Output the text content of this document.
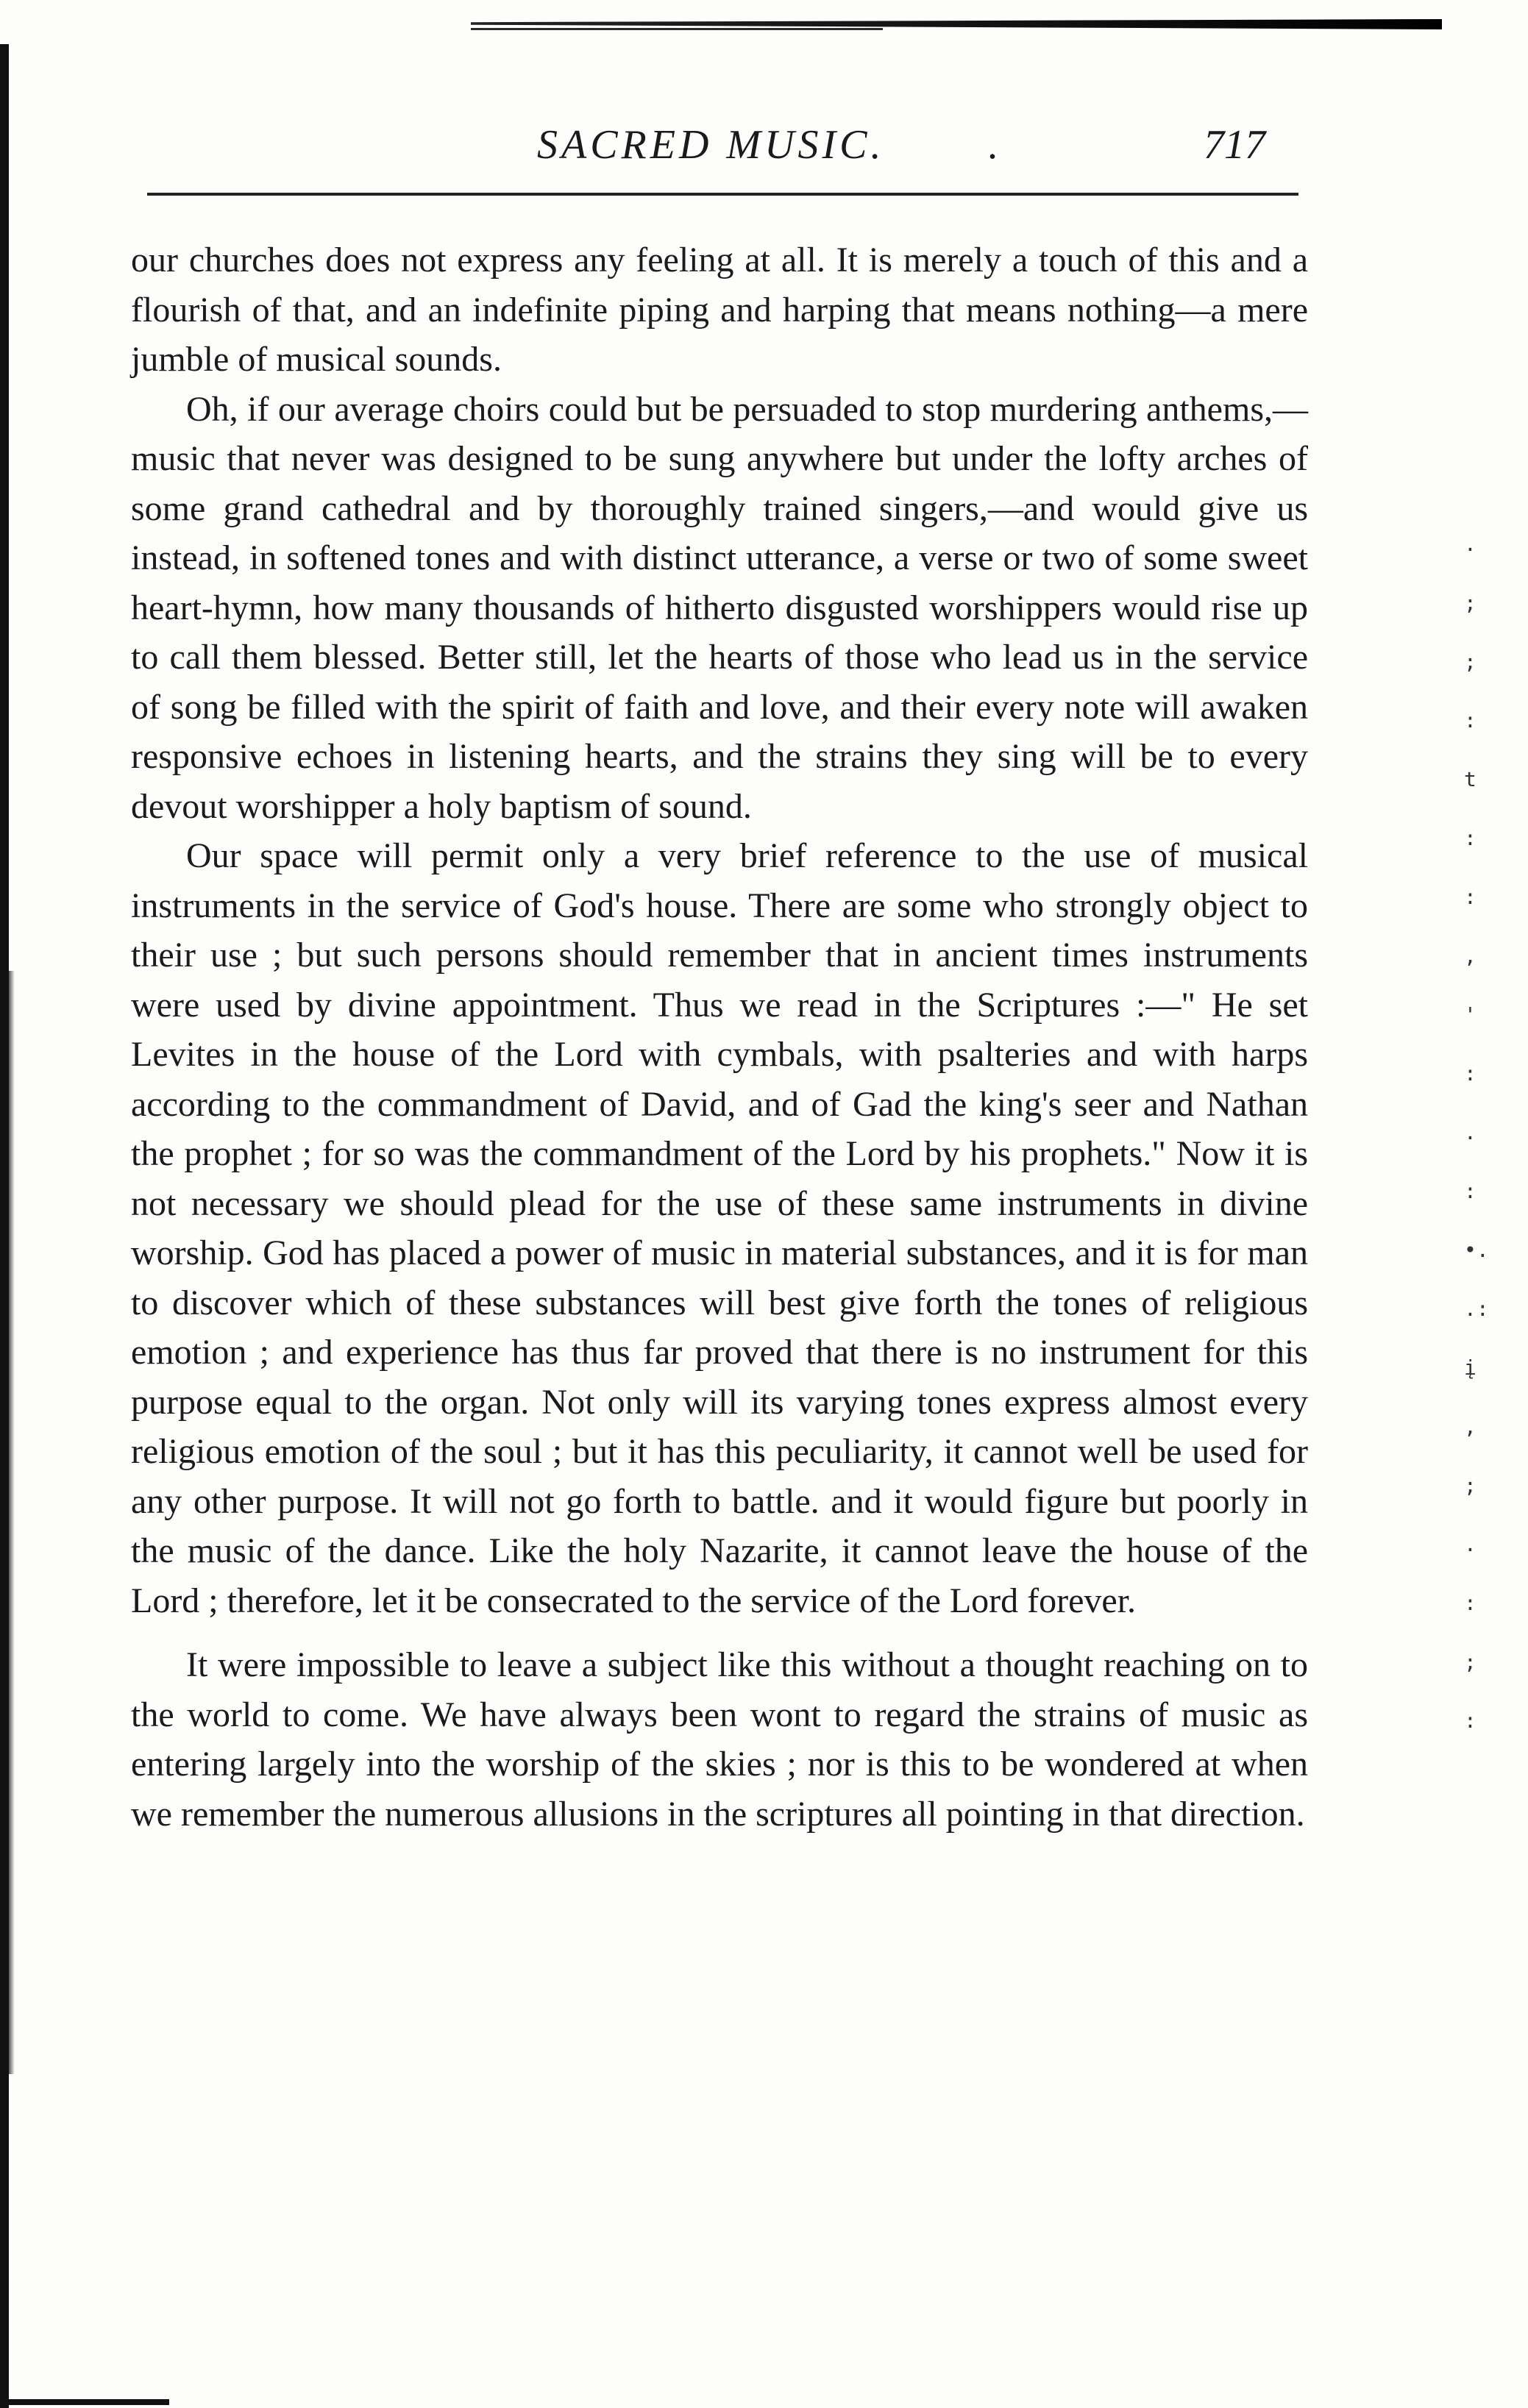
.
;
;
:
t
:
:
,
'
:
.
:
•.
.:
į
,
;
.
:
;
:
SACRED MUSIC. .	717

our churches does not express any feeling at all. It is merely a touch of this and a flourish of that, and an indefinite piping and harping that means nothing—a mere jumble of musical sounds.

Oh, if our average choirs could but be persuaded to stop murdering anthems,—music that never was designed to be sung anywhere but under the lofty arches of some grand cathedral and by thoroughly trained singers,—and would give us instead, in softened tones and with distinct utterance, a verse or two of some sweet heart-hymn, how many thousands of hitherto disgusted worshippers would rise up to call them blessed. Better still, let the hearts of those who lead us in the service of song be filled with the spirit of faith and love, and their every note will awaken responsive echoes in listening hearts, and the strains they sing will be to every devout worshipper a holy baptism of sound.

Our space will permit only a very brief reference to the use of musical instruments in the service of God's house. There are some who strongly object to their use ; but such persons should remember that in ancient times instruments were used by divine appointment. Thus we read in the Scriptures :—" He set Levites in the house of the Lord with cymbals, with psalteries and with harps according to the commandment of David, and of Gad the king's seer and Nathan the prophet ; for so was the commandment of the Lord by his prophets." Now it is not necessary we should plead for the use of these same instruments in divine worship. God has placed a power of music in material substances, and it is for man to discover which of these substances will best give forth the tones of religious emotion ; and experience has thus far proved that there is no instrument for this purpose equal to the organ. Not only will its varying tones express almost every religious emotion of the soul ; but it has this peculiarity, it cannot well be used for any other purpose. It will not go forth to battle. and it would figure but poorly in the music of the dance. Like the holy Nazarite, it cannot leave the house of the Lord ; therefore, let it be consecrated to the service of the Lord forever.

It were impossible to leave a subject like this without a thought reaching on to the world to come. We have always been wont to regard the strains of music as entering largely into the worship of the skies ; nor is this to be wondered at when we remember the numerous allusions in the scriptures all pointing in that direction.
